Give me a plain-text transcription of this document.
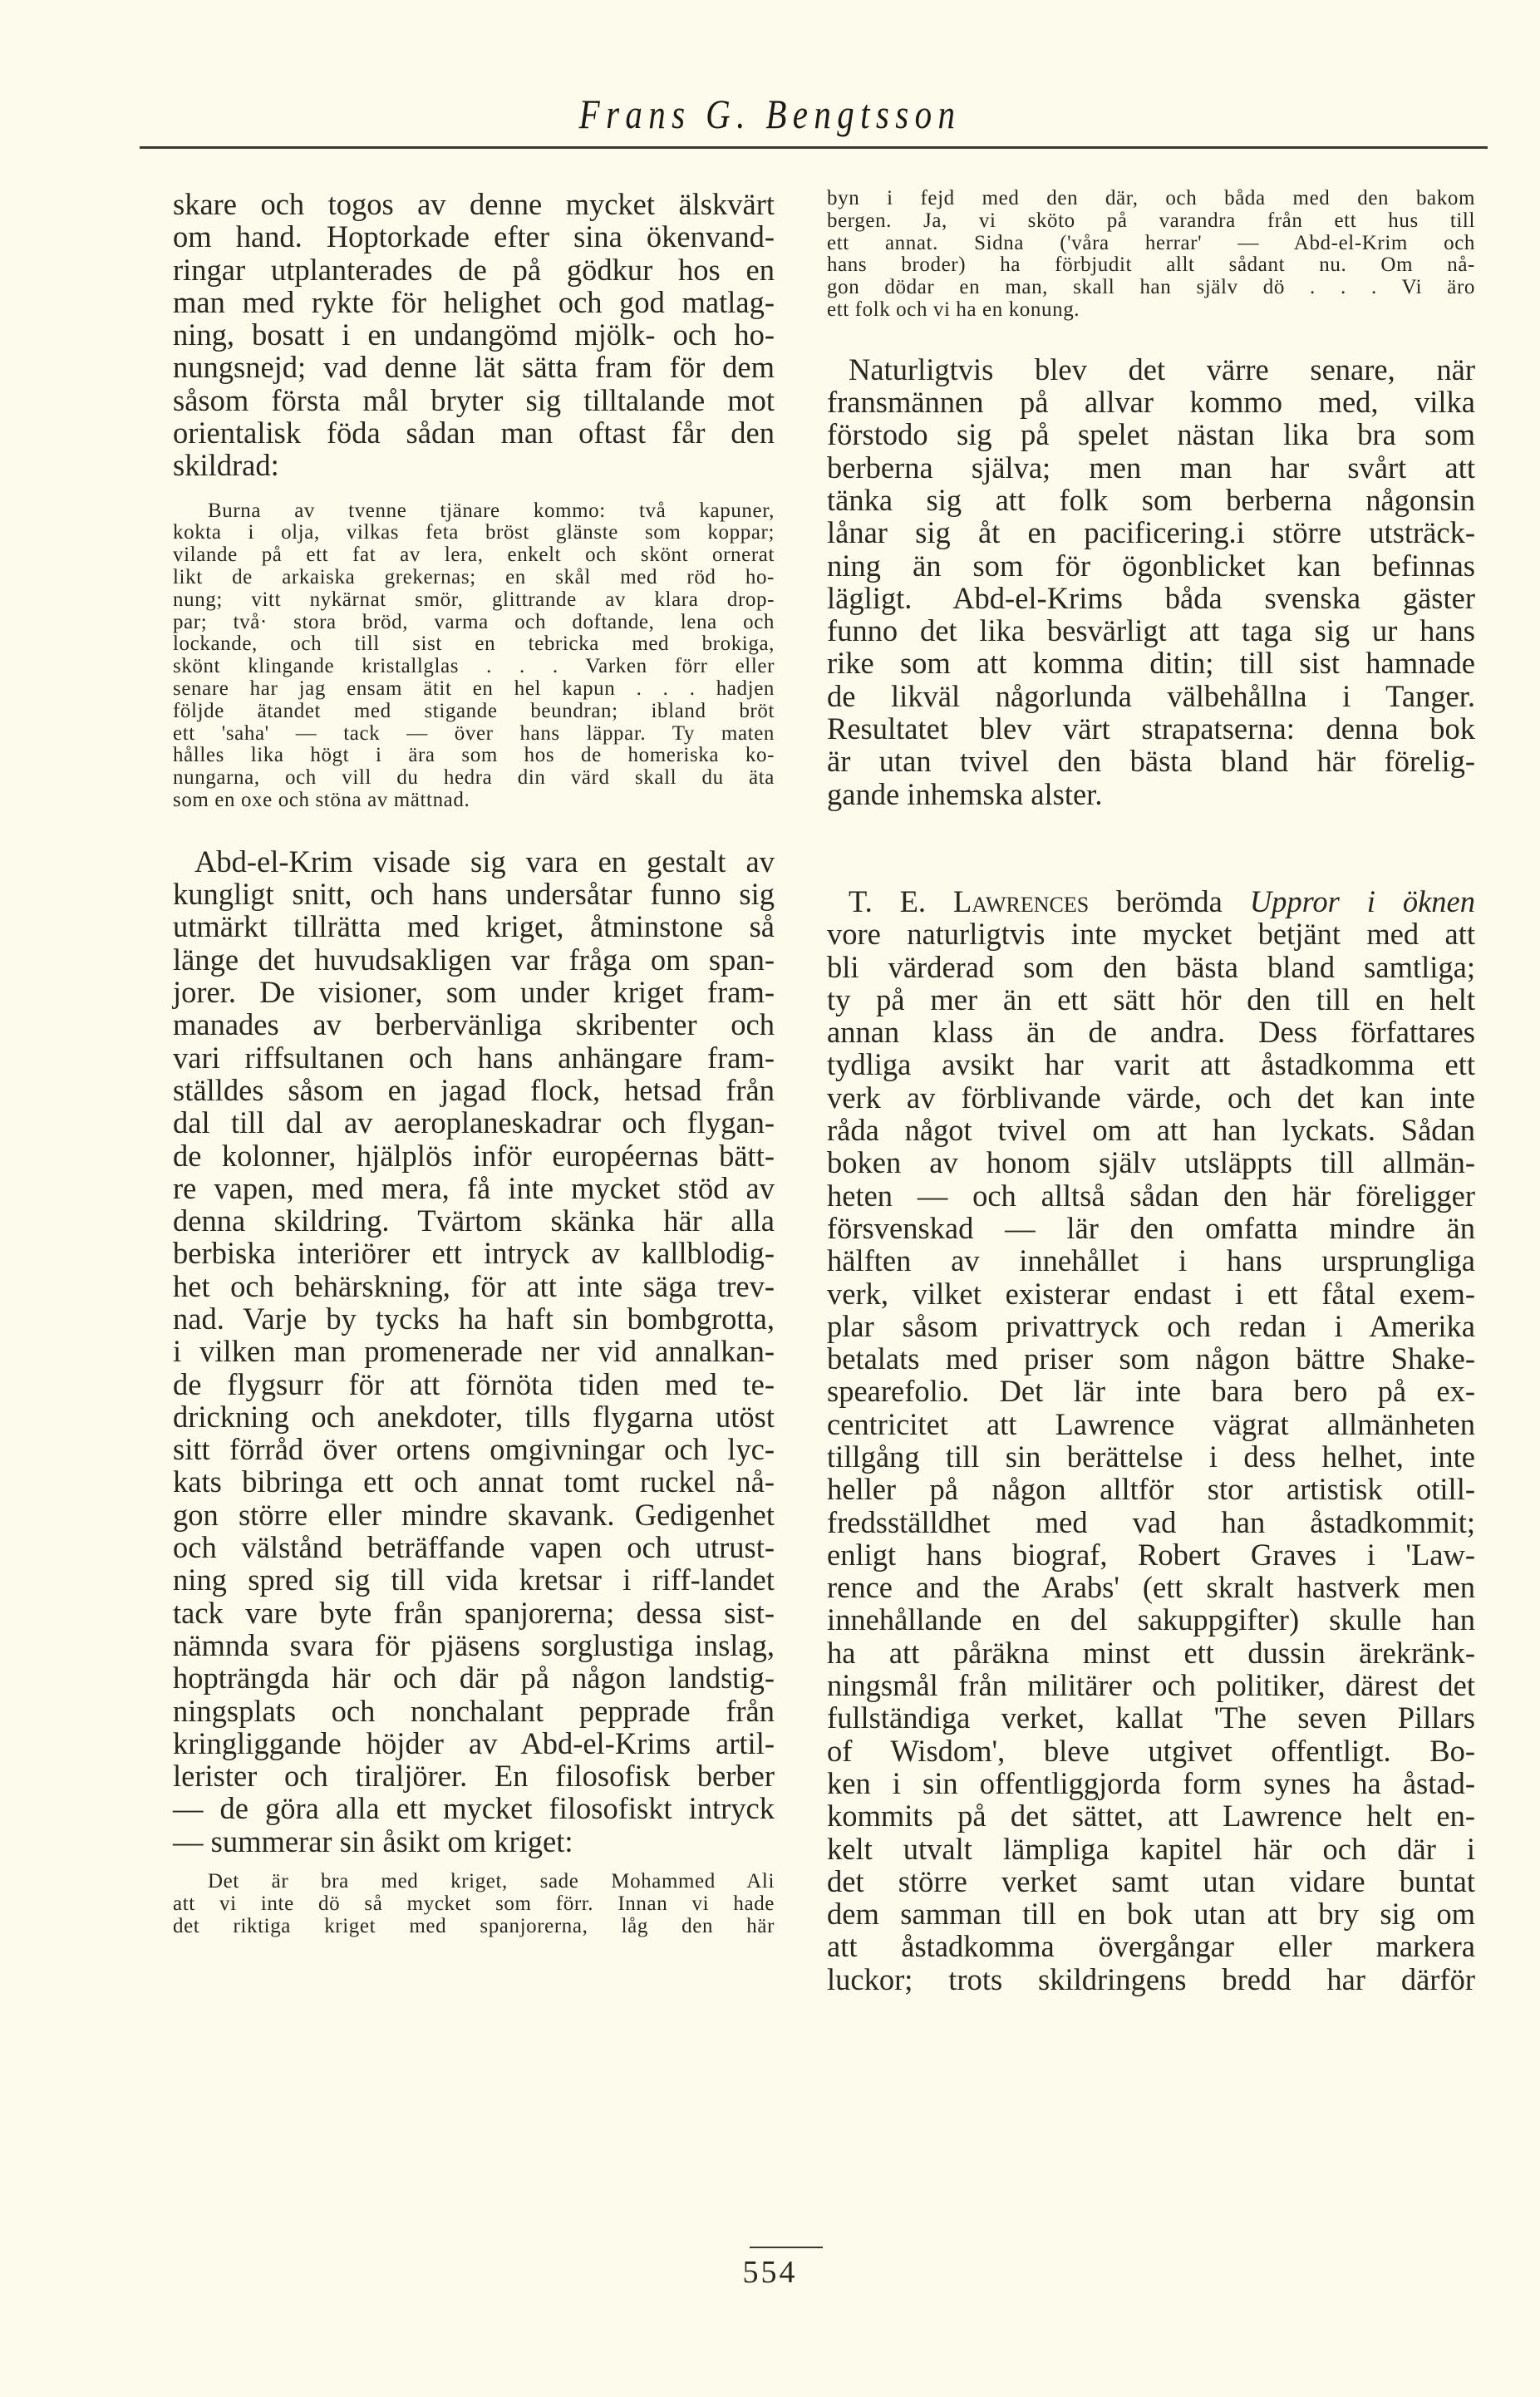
Frans G. Bengtsson
skare och togos av denne mycket älskvärt
om hand. Hoptorkade efter sina ökenvand-
ringar utplanterades de på gödkur hos en
man med rykte för helighet och god matlag-
ning, bosatt i en undangömd mjölk- och ho-
nungsnejd; vad denne lät sätta fram för dem
såsom första mål bryter sig tilltalande mot
orientalisk föda sådan man oftast får den
skildrad:
Burna av tvenne tjänare kommo: två kapuner,
kokta i olja, vilkas feta bröst glänste som koppar;
vilande på ett fat av lera, enkelt och skönt ornerat
likt de arkaiska grekernas; en skål med röd ho-
nung; vitt nykärnat smör, glittrande av klara drop-
par; två· stora bröd, varma och doftande, lena och
lockande, och till sist en tebricka med brokiga,
skönt klingande kristallglas . . . Varken förr eller
senare har jag ensam ätit en hel kapun . . . hadjen
följde ätandet med stigande beundran; ibland bröt
ett 'saha' — tack — över hans läppar. Ty maten
hålles lika högt i ära som hos de homeriska ko-
nungarna, och vill du hedra din värd skall du äta
som en oxe och stöna av mättnad.
Abd-el-Krim visade sig vara en gestalt av
kungligt snitt, och hans undersåtar funno sig
utmärkt tillrätta med kriget, åtminstone så
länge det huvudsakligen var fråga om span-
jorer. De visioner, som under kriget fram-
manades av berbervänliga skribenter och
vari riffsultanen och hans anhängare fram-
ställdes såsom en jagad flock, hetsad från
dal till dal av aeroplaneskadrar och flygan-
de kolonner, hjälplös inför européernas bätt-
re vapen, med mera, få inte mycket stöd av
denna skildring. Tvärtom skänka här alla
berbiska interiörer ett intryck av kallblodig-
het och behärskning, för att inte säga trev-
nad. Varje by tycks ha haft sin bombgrotta,
i vilken man promenerade ner vid annalkan-
de flygsurr för att förnöta tiden med te-
drickning och anekdoter, tills flygarna utöst
sitt förråd över ortens omgivningar och lyc-
kats bibringa ett och annat tomt ruckel nå-
gon större eller mindre skavank. Gedigenhet
och välstånd beträffande vapen och utrust-
ning spred sig till vida kretsar i riff-landet
tack vare byte från spanjorerna; dessa sist-
nämnda svara för pjäsens sorglustiga inslag,
hopträngda här och där på någon landstig-
ningsplats och nonchalant pepprade från
kringliggande höjder av Abd-el-Krims artil-
lerister och tiraljörer. En filosofisk berber
— de göra alla ett mycket filosofiskt intryck
— summerar sin åsikt om kriget:
Det är bra med kriget, sade Mohammed Ali
att vi inte dö så mycket som förr. Innan vi hade
det riktiga kriget med spanjorerna, låg den här
byn i fejd med den där, och båda med den bakom
bergen. Ja, vi sköto på varandra från ett hus till
ett annat. Sidna ('våra herrar' — Abd-el-Krim och
hans broder) ha förbjudit allt sådant nu. Om nå-
gon dödar en man, skall han själv dö . . . Vi äro
ett folk och vi ha en konung.
Naturligtvis blev det värre senare, när
fransmännen på allvar kommo med, vilka
förstodo sig på spelet nästan lika bra som
berberna själva; men man har svårt att
tänka sig att folk som berberna någonsin
lånar sig åt en pacificering.i större utsträck-
ning än som för ögonblicket kan befinnas
lägligt. Abd-el-Krims båda svenska gäster
funno det lika besvärligt att taga sig ur hans
rike som att komma ditin; till sist hamnade
de likväl någorlunda välbehållna i Tanger.
Resultatet blev värt strapatserna: denna bok
är utan tvivel den bästa bland här förelig-
gande inhemska alster.
T. E. Lawrences berömda Uppror i öknen
vore naturligtvis inte mycket betjänt med att
bli värderad som den bästa bland samtliga;
ty på mer än ett sätt hör den till en helt
annan klass än de andra. Dess författares
tydliga avsikt har varit att åstadkomma ett
verk av förblivande värde, och det kan inte
råda något tvivel om att han lyckats. Sådan
boken av honom själv utsläppts till allmän-
heten — och alltså sådan den här föreligger
försvenskad — lär den omfatta mindre än
hälften av innehållet i hans ursprungliga
verk, vilket existerar endast i ett fåtal exem-
plar såsom privattryck och redan i Amerika
betalats med priser som någon bättre Shake-
spearefolio. Det lär inte bara bero på ex-
centricitet att Lawrence vägrat allmänheten
tillgång till sin berättelse i dess helhet, inte
heller på någon alltför stor artistisk otill-
fredsställdhet med vad han åstadkommit;
enligt hans biograf, Robert Graves i 'Law-
rence and the Arabs' (ett skralt hastverk men
innehållande en del sakuppgifter) skulle han
ha att påräkna minst ett dussin ärekränk-
ningsmål från militärer och politiker, därest det
fullständiga verket, kallat 'The seven Pillars
of Wisdom', bleve utgivet offentligt. Bo-
ken i sin offentliggjorda form synes ha åstad-
kommits på det sättet, att Lawrence helt en-
kelt utvalt lämpliga kapitel här och där i
det större verket samt utan vidare buntat
dem samman till en bok utan att bry sig om
att åstadkomma övergångar eller markera
luckor; trots skildringens bredd har därför
554
